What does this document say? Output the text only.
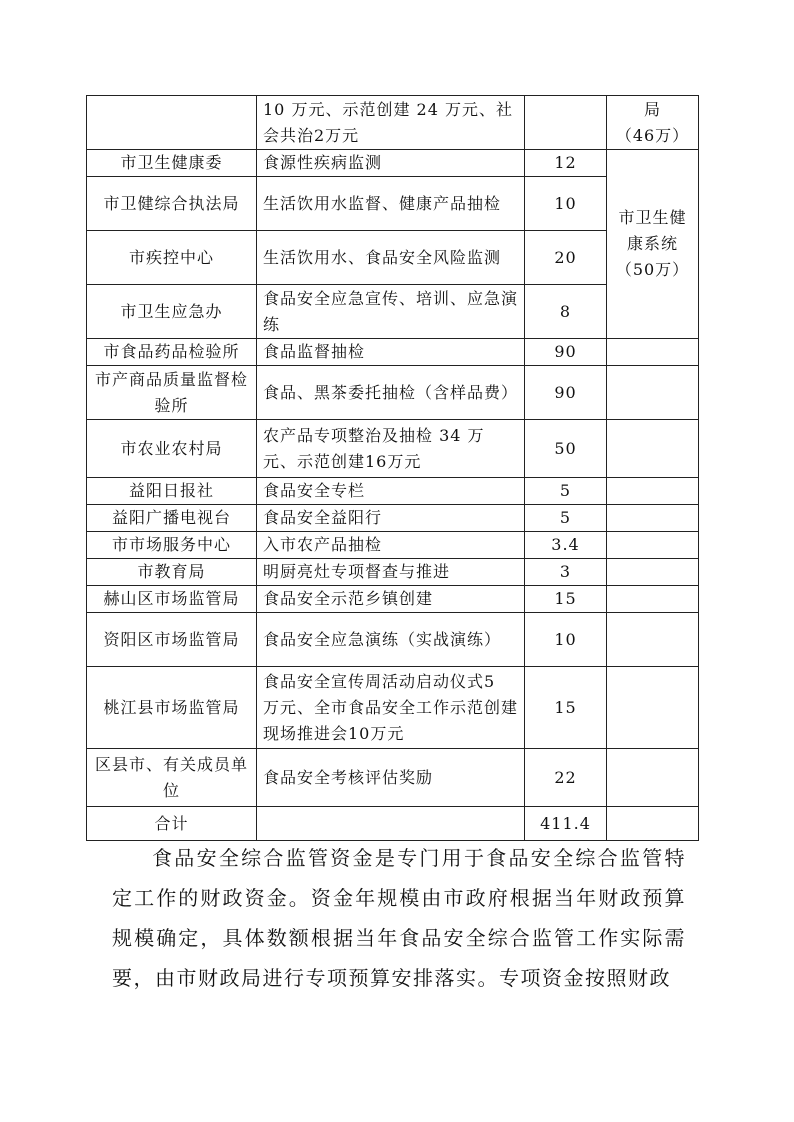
	10 万元、示范创建 24 万元、社会共治2万元		局
（46万）
市卫生健康委	食源性疾病监测	12	市卫生健康系统
（50万）
市卫健综合执法局	生活饮用水监督、健康产品抽检	10	
市疾控中心	生活饮用水、食品安全风险监测	20	
市卫生应急办	食品安全应急宣传、培训、应急演练	8	
市食品药品检验所	食品监督抽检	90	
市产商品质量监督检验所	食品、黑茶委托抽检（含样品费）	90	
市农业农村局	农产品专项整治及抽检 34 万元、示范创建16万元	50	
益阳日报社	食品安全专栏	5	
益阳广播电视台	食品安全益阳行	5	
市市场服务中心	入市农产品抽检	3.4	
市教育局	明厨亮灶专项督查与推进	3	
赫山区市场监管局	食品安全示范乡镇创建	15	
资阳区市场监管局	食品安全应急演练（实战演练）	10	
桃江县市场监管局	食品安全宣传周活动启动仪式5 万元、全市食品安全工作示范创建现场推进会10万元	15	
区县市、有关成员单位	食品安全考核评估奖励	22	
合计		411.4	

食品安全综合监管资金是专门用于食品安全综合监管特定工作的财政资金。资金年规模由市政府根据当年财政预算规模确定，具体数额根据当年食品安全综合监管工作实际需要，由市财政局进行专项预算安排落实。专项资金按照财政
